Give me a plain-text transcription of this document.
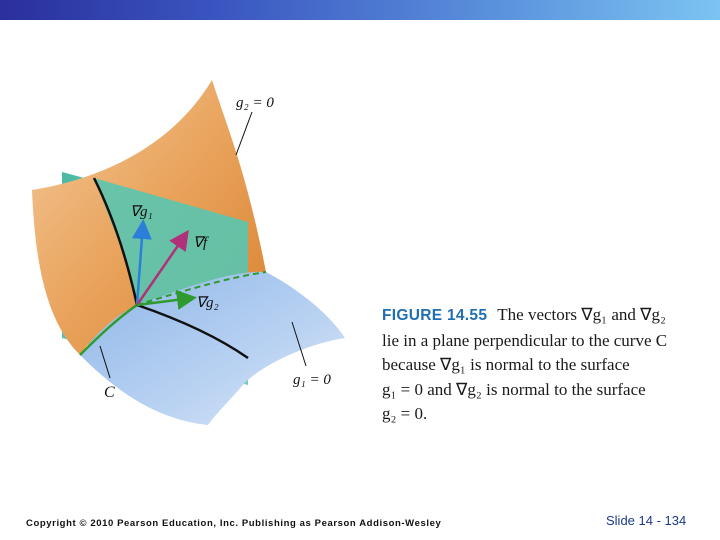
∇g₁
∇f
∇g₂
g₂ = 0
g₁ = 0
C
FIGURE 14.55 The vectors ∇g₁ and ∇g₂
lie in a plane perpendicular to the curve C
because ∇g₁ is normal to the surface
g₁ = 0 and ∇g₂ is normal to the surface
g₂ = 0.
Copyright © 2010 Pearson Education, Inc. Publishing as Pearson Addison-Wesley	Slide 14 - 134
